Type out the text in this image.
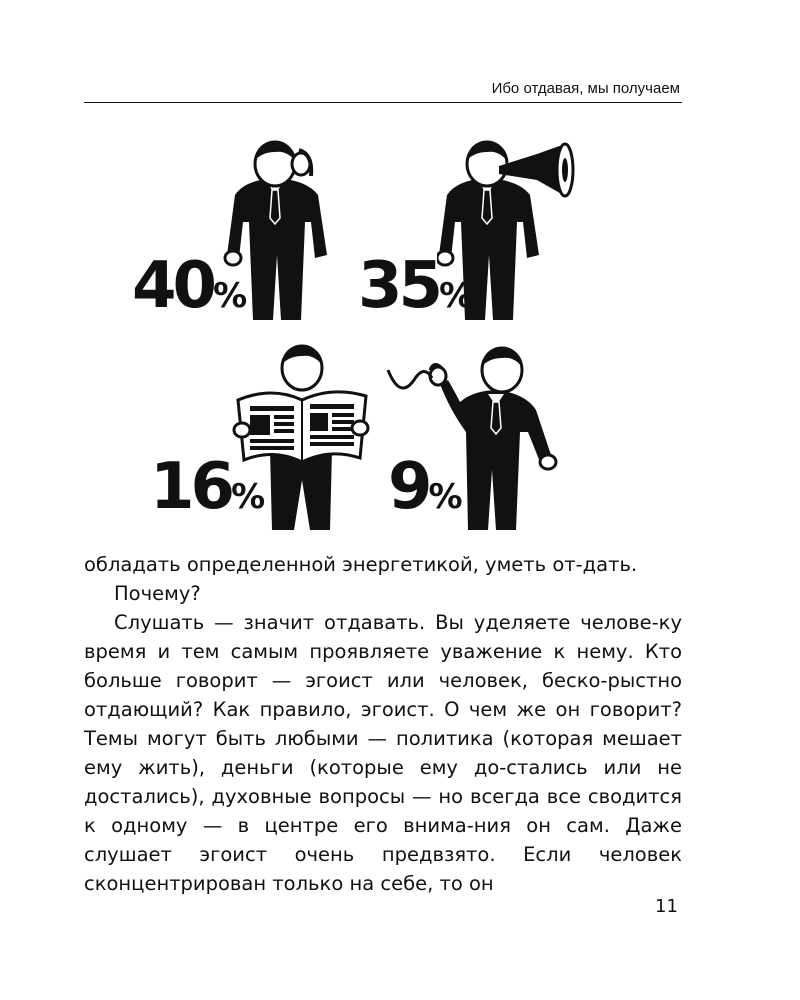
Ибо отдавая, мы получаем
40% 35%
16% 9%

обладать определенной энергетикой, уметь от-дать.

Почему?

Слушать — значит отдавать. Вы уделяете челове-ку время и тем самым проявляете уважение к нему. Кто больше говорит — эгоист или человек, беско-рыстно отдающий? Как правило, эгоист. О чем же он говорит? Темы могут быть любыми — политика (которая мешает ему жить), деньги (которые ему до-стались или не достались), духовные вопросы — но всегда все сводится к одному — в центре его внима-ния он сам. Даже слушает эгоист очень предвзято. Если человек сконцентрирован только на себе, то он

11
